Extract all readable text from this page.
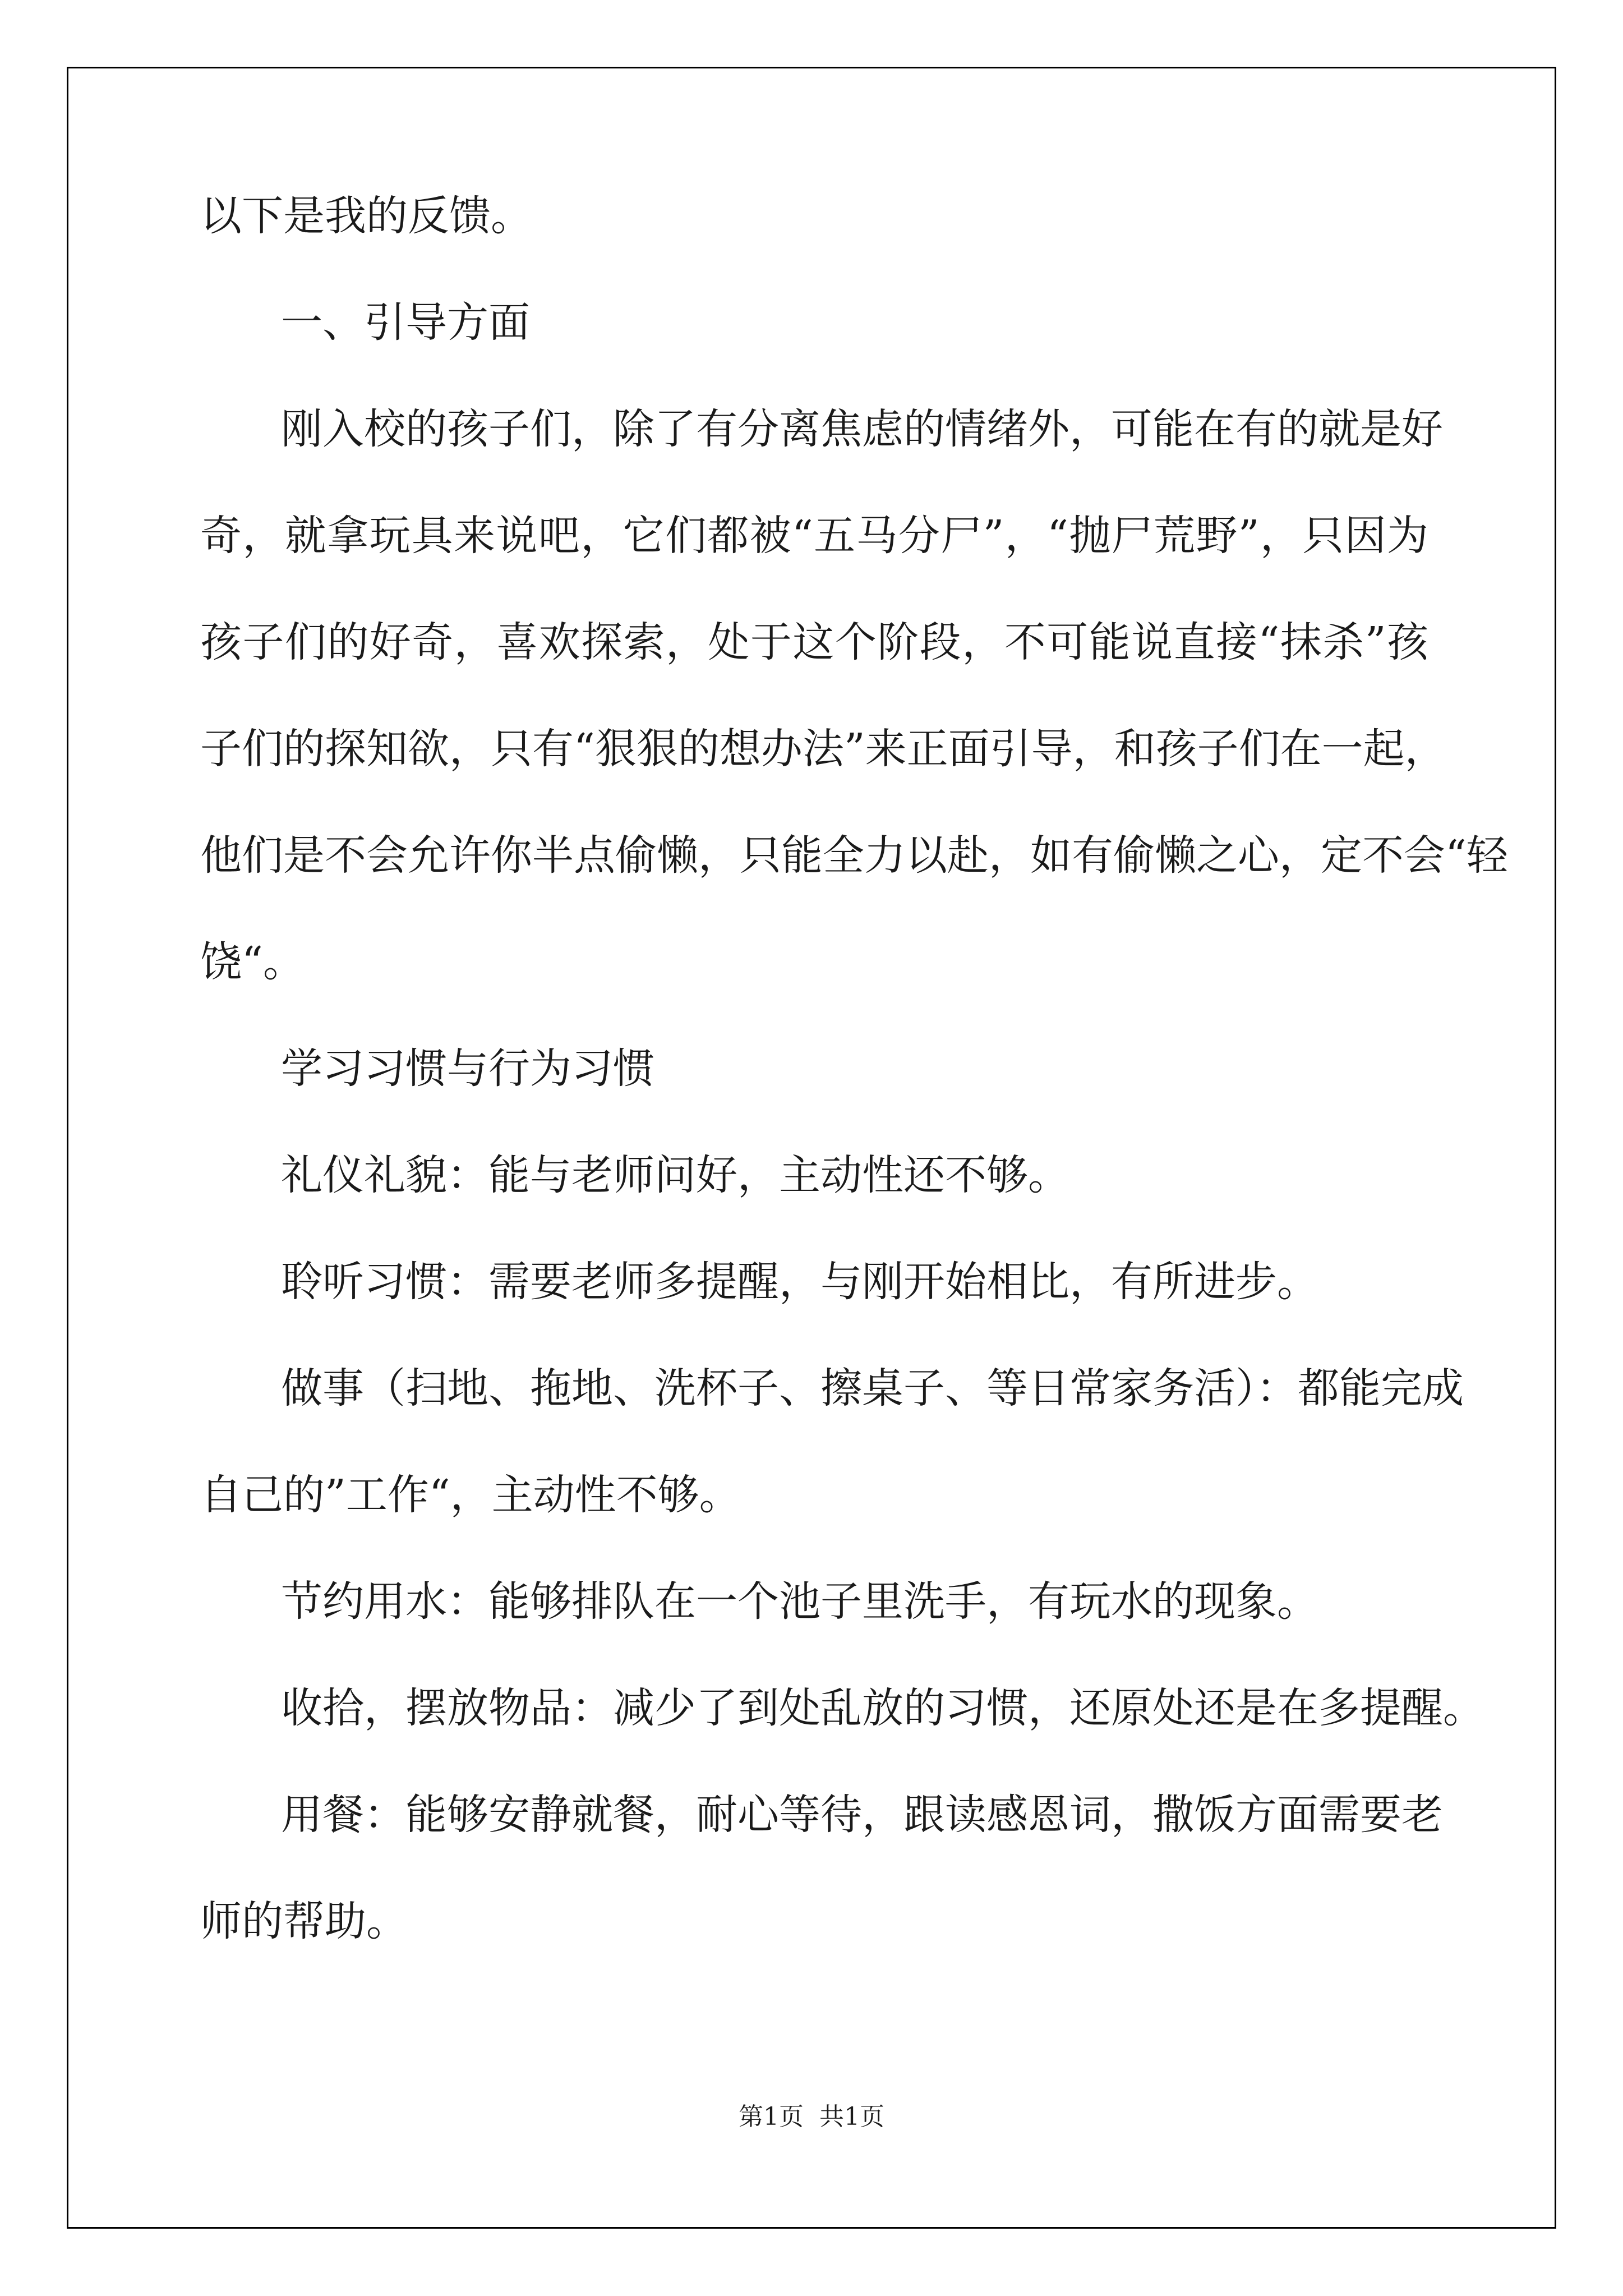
以下是我的反馈。
一、引导方面
刚入校的孩子们，除了有分离焦虑的情绪外，可能在有的就是好
奇，就拿玩具来说吧，它们都被“五马分尸”，“抛尸荒野”，只因为
孩子们的好奇，喜欢探索，处于这个阶段，不可能说直接“抹杀”孩
子们的探知欲，只有“狠狠的想办法”来正面引导，和孩子们在一起，
他们是不会允许你半点偷懒，只能全力以赴，如有偷懒之心，定不会“轻
饶“。
学习习惯与行为习惯
礼仪礼貌：能与老师问好，主动性还不够。
聆听习惯：需要老师多提醒，与刚开始相比，有所进步。
做事（扫地、拖地、洗杯子、擦桌子、等日常家务活）：都能完成
自己的”工作“，主动性不够。
节约用水：能够排队在一个池子里洗手，有玩水的现象。
收拾，摆放物品：减少了到处乱放的习惯，还原处还是在多提醒。
用餐：能够安静就餐，耐心等待，跟读感恩词，撒饭方面需要老
师的帮助。
第1页 共1页
